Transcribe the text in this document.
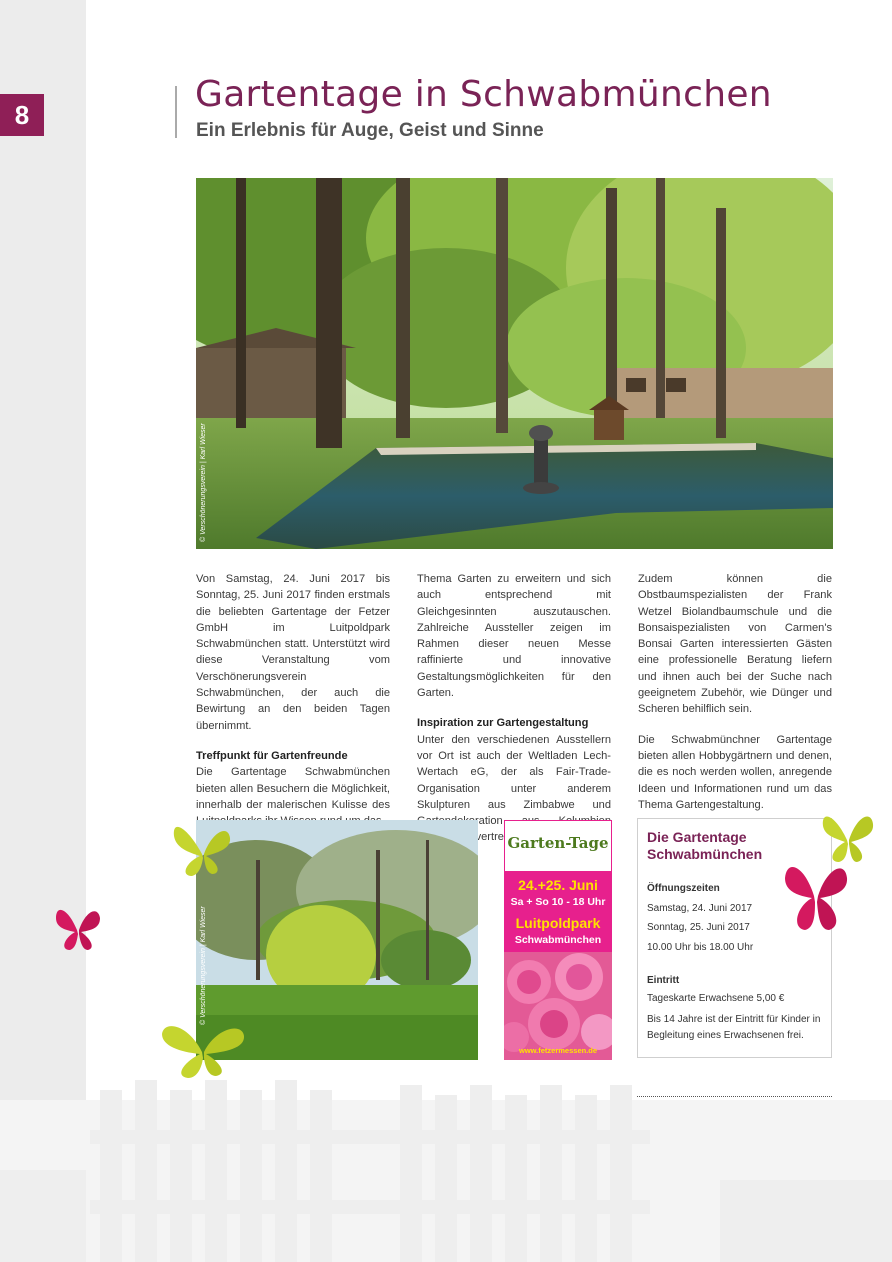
8	Gartentage in Schwabmünchen
Ein Erlebnis für Auge, Geist und Sinne
© Verschönerungsverein | Karl Wieser

Von Samstag, 24. Juni 2017 bis Sonntag, 25. Juni 2017 finden erstmals die beliebten Gartentage der Fetzer GmbH im Luitpoldpark Schwabmünchen statt. Unterstützt wird diese Veranstaltung vom Verschönerungsverein Schwabmünchen, der auch die Bewirtung an den beiden Tagen übernimmt.

Treffpunkt für Gartenfreunde

Die Gartentage Schwabmünchen bieten allen Besuchern die Möglichkeit, innerhalb der malerischen Kulisse des

Thema Garten zu erweitern und sich auch entsprechend mit Gleichgesinnten auszutauschen. Zahlreiche Aussteller zeigen im Rahmen dieser neuen Messe raffinierte und innovative Gestaltungsmöglichkeiten für den Garten.

Inspiration zur Gartengestaltung

Unter den verschiedenen Ausstellern vor Ort ist auch der Weltladen Lech-Wertach eG, der als Fair-Trade-Organisation unter anderem Skulpturen aus Zimbabwe und vertreten.

Zudem können die Obstbaumspezialisten der Frank Wetzel Biolandbaumschule und die Bonsaispezialisten von Carmen's Bonsai Garten interessierten Gästen eine professionelle Beratung liefern und ihnen auch bei der Suche nach geeignetem Zubehör, wie Dünger und Scheren behilflich sein.

Die Schwabmünchner Gartentage bieten allen Hobbygärtnern und denen, die es noch werden wollen, anregende Ideen und Informationen rund um das Thema Gartengestaltung.

© Verschönerungsverein | Karl Wieser
Garten-Tage
24.+25. Juni
Sa + So 10 - 18 Uhr
Luitpoldpark
Schwabmünchen
www.fetzermessen.de
Die Gartentage
Schwabmünchen
Öffnungszeiten
Samstag, 24. Juni 2017
Sonntag, 25. Juni 2017
10.00 Uhr bis 18.00 Uhr
Eintritt
Tageskarte Erwachsene 5,00 €
Bis 14 Jahre ist der Eintritt für Kinder in Begleitung eines Erwachsenen frei.
